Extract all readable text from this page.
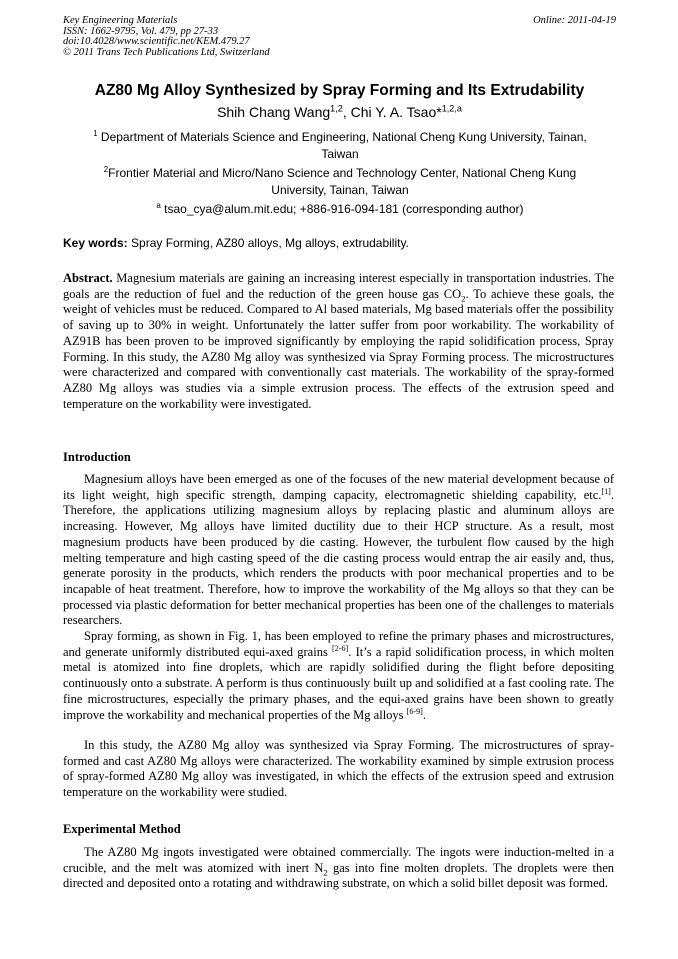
Key Engineering Materials
ISSN: 1662-9795, Vol. 479, pp 27-33
doi:10.4028/www.scientific.net/KEM.479.27
© 2011 Trans Tech Publications Ltd, Switzerland
Online: 2011-04-19
AZ80 Mg Alloy Synthesized by Spray Forming and Its Extrudability
Shih Chang Wang$^{1,2}$, Chi Y. A. Tsao*$^{1,2,a}$
$^1$ Department of Materials Science and Engineering, National Cheng Kung University, Tainan, Taiwan
$^2$Frontier Material and Micro/Nano Science and Technology Center, National Cheng Kung University, Tainan, Taiwan
$^a$ tsao_cya@alum.mit.edu; +886-916-094-181 (corresponding author)
Key words: Spray Forming, AZ80 alloys, Mg alloys, extrudability.

Abstract. Magnesium materials are gaining an increasing interest especially in transportation industries. The goals are the reduction of fuel and the reduction of the green house gas $CO_2$. To achieve these goals, the weight of vehicles must be reduced. Compared to Al based materials, Mg based materials offer the possibility of saving up to 30% in weight. Unfortunately the latter suffer from poor workability. The workability of AZ91B has been proven to be improved significantly by employing the rapid solidification process, Spray Forming. In this study, the AZ80 Mg alloy was synthesized via Spray Forming process. The microstructures were characterized and compared with conventionally cast materials. The workability of the spray-formed AZ80 Mg alloys was studies via a simple extrusion process. The effects of the extrusion speed and temperature on the workability were investigated.

Introduction

Magnesium alloys have been emerged as one of the focuses of the new material development because of its light weight, high specific strength, damping capacity, electromagnetic shielding capability, etc.[1]. Therefore, the applications utilizing magnesium alloys by replacing plastic and aluminum alloys are increasing. However, Mg alloys have limited ductility due to their HCP structure. As a result, most magnesium products have been produced by die casting. However, the turbulent flow caused by the high melting temperature and high casting speed of the die casting process would entrap the air easily and, thus, generate porosity in the products, which renders the products with poor mechanical properties and to be incapable of heat treatment. Therefore, how to improve the workability of the Mg alloys so that they can be processed via plastic deformation for better mechanical properties has been one of the challenges to materials researchers.

Spray forming, as shown in Fig. 1, has been employed to refine the primary phases and microstructures, and generate uniformly distributed equi-axed grains [2-6]. It’s a rapid solidification process, in which molten metal is atomized into fine droplets, which are rapidly solidified during the flight before depositing continuously onto a substrate. A perform is thus continuously built up and solidified at a fast cooling rate. The fine microstructures, especially the primary phases, and the equi-axed grains have been shown to greatly improve the workability and mechanical properties of the Mg alloys [6-9].

In this study, the AZ80 Mg alloy was synthesized via Spray Forming. The microstructures of spray-formed and cast AZ80 Mg alloys were characterized. The workability examined by simple extrusion process of spray-formed AZ80 Mg alloy was investigated, in which the effects of the extrusion speed and extrusion temperature on the workability were studied.

Experimental Method

The AZ80 Mg ingots investigated were obtained commercially. The ingots were induction-melted in a crucible, and the melt was atomized with inert $N_2$ gas into fine molten droplets. The droplets were then directed and deposited onto a rotating and withdrawing substrate, on which a solid billet deposit was formed.
